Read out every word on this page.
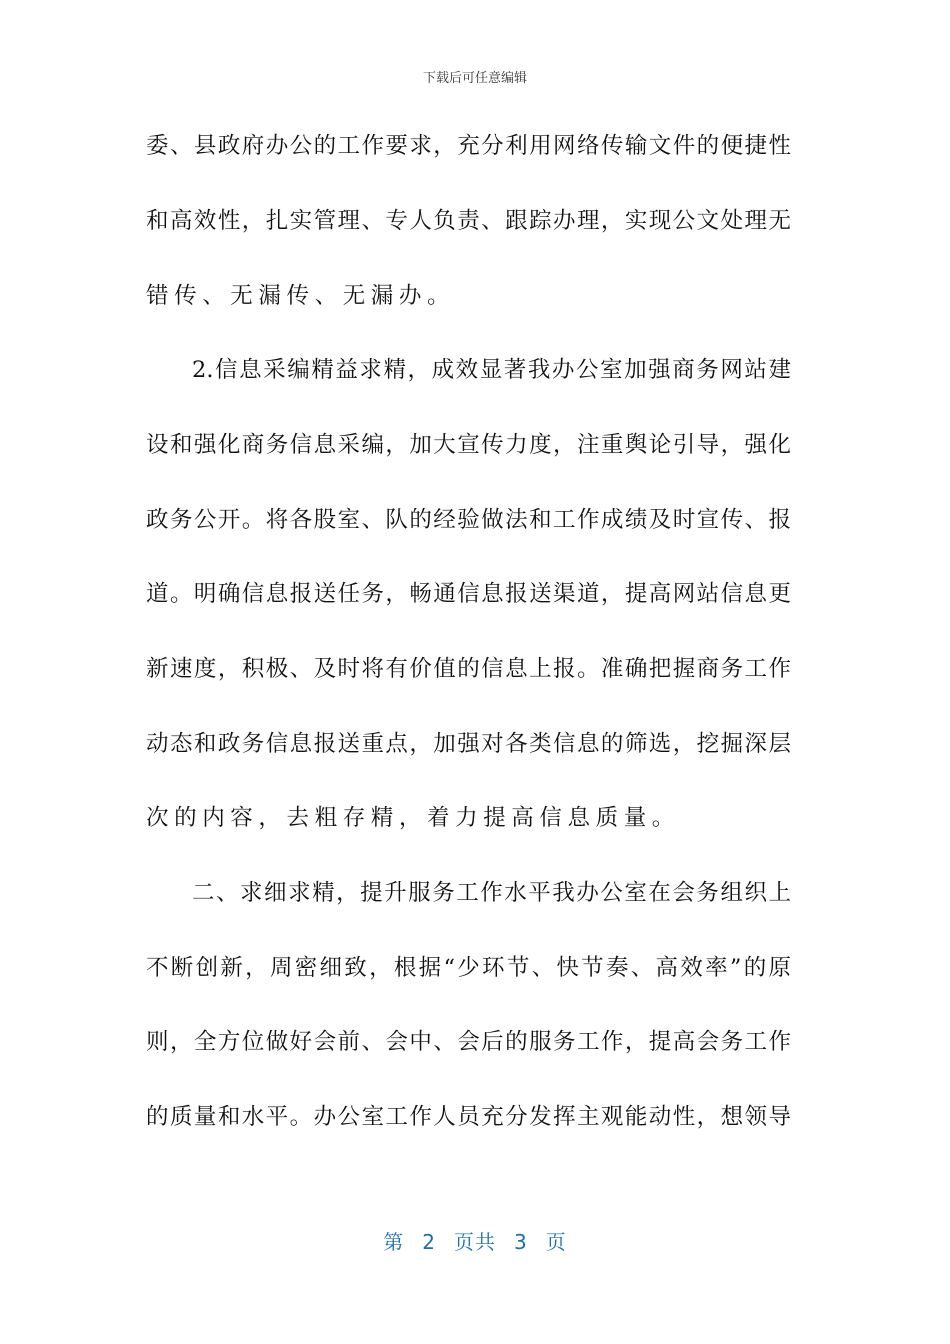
下载后可任意编辑
委、县政府办公的工作要求，充分利用网络传输文件的便捷性
和高效性，扎实管理、专人负责、跟踪办理，实现公文处理无
错传、无漏传、无漏办。
2.信息采编精益求精，成效显著我办公室加强商务网站建
设和强化商务信息采编，加大宣传力度，注重舆论引导，强化
政务公开。将各股室、队的经验做法和工作成绩及时宣传、报
道。明确信息报送任务，畅通信息报送渠道，提高网站信息更
新速度，积极、及时将有价值的信息上报。准确把握商务工作
动态和政务信息报送重点，加强对各类信息的筛选，挖掘深层
次的内容，去粗存精，着力提高信息质量。
二、求细求精，提升服务工作水平我办公室在会务组织上
不断创新，周密细致，根据“少环节、快节奏、高效率”的原
则，全方位做好会前、会中、会后的服务工作，提高会务工作
的质量和水平。办公室工作人员充分发挥主观能动性，想领导
第 2 页共 3 页
